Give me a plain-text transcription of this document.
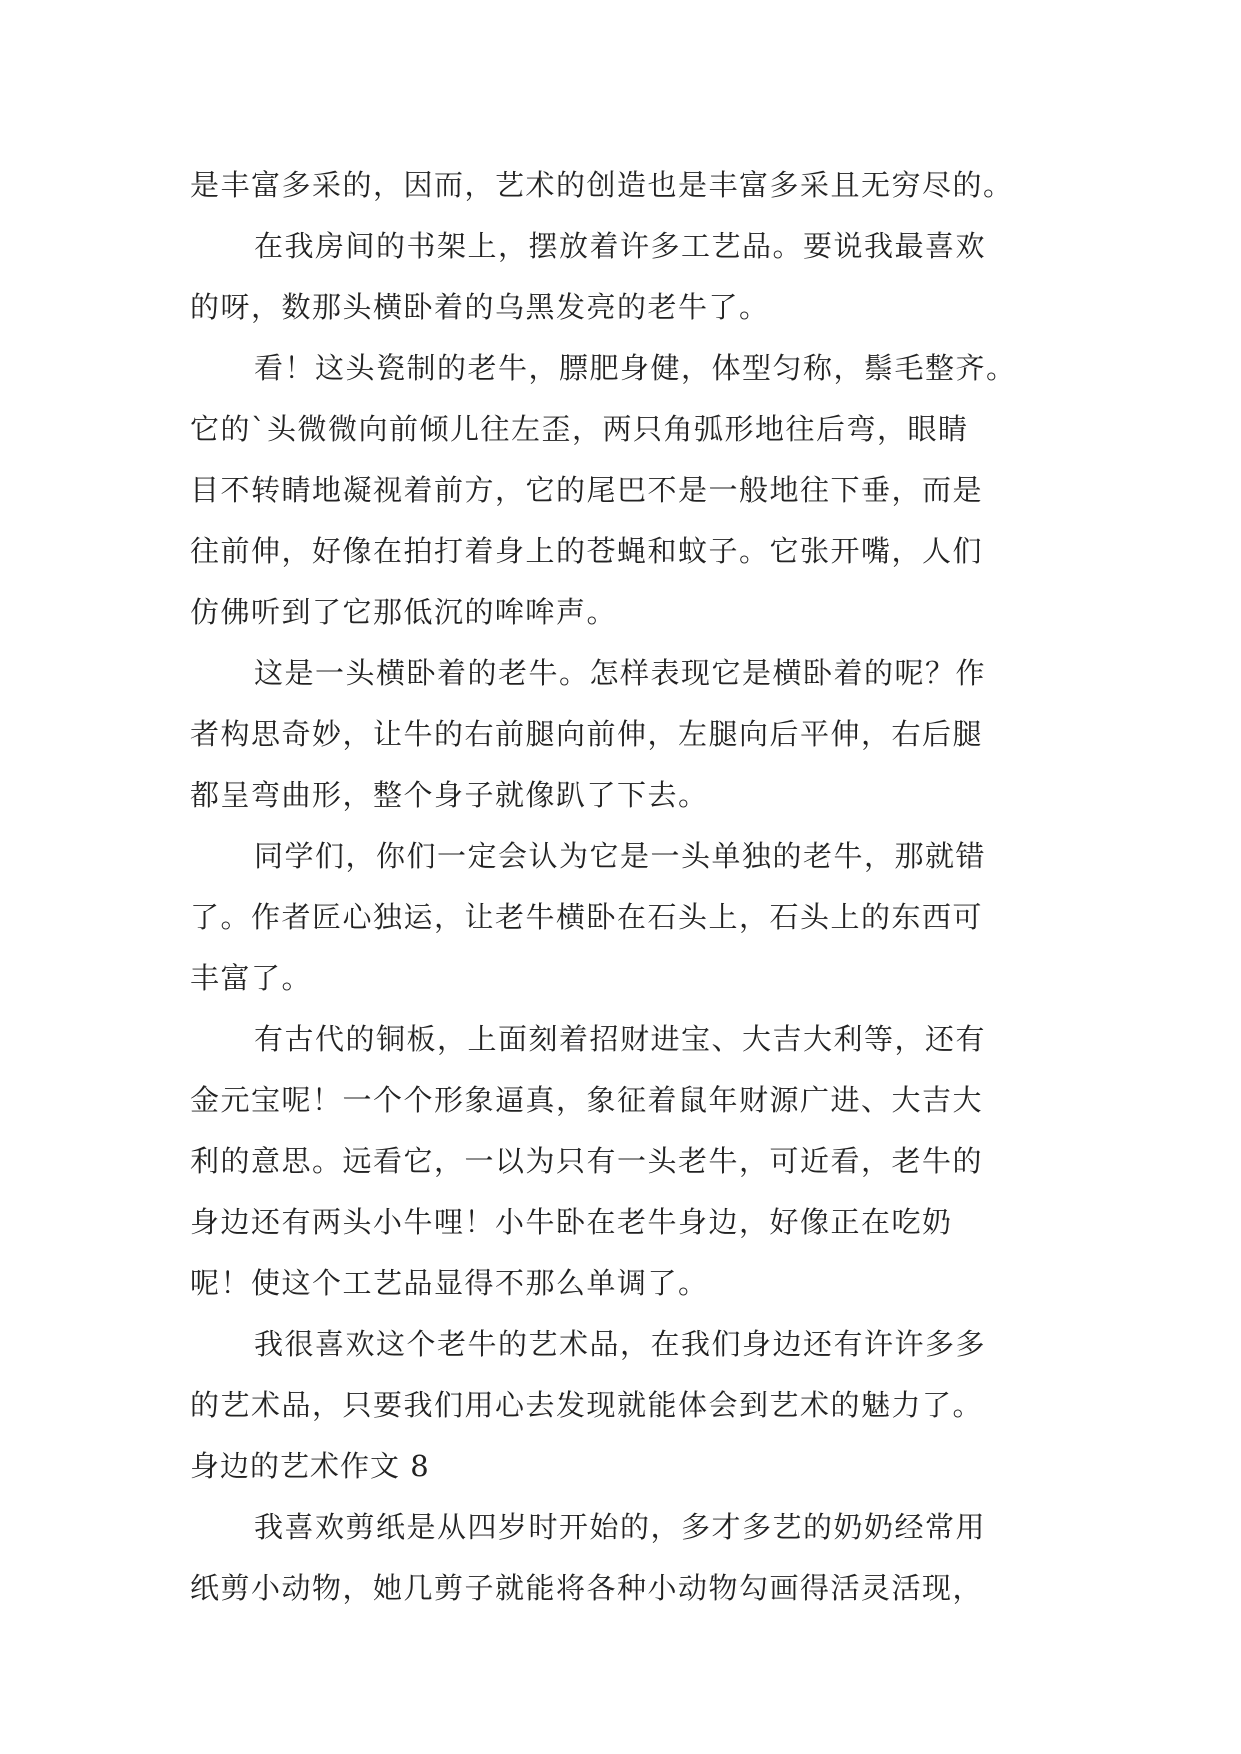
是丰富多采的，因而，艺术的创造也是丰富多采且无穷尽的。
在我房间的书架上，摆放着许多工艺品。要说我最喜欢
的呀，数那头横卧着的乌黑发亮的老牛了。
看！这头瓷制的老牛，膘肥身健，体型匀称，鬃毛整齐。
它的`头微微向前倾儿往左歪，两只角弧形地往后弯，眼睛
目不转睛地凝视着前方，它的尾巴不是一般地往下垂，而是
往前伸，好像在拍打着身上的苍蝇和蚊子。它张开嘴，人们
仿佛听到了它那低沉的哞哞声。
这是一头横卧着的老牛。怎样表现它是横卧着的呢？作
者构思奇妙，让牛的右前腿向前伸，左腿向后平伸，右后腿
都呈弯曲形，整个身子就像趴了下去。
同学们，你们一定会认为它是一头单独的老牛，那就错
了。作者匠心独运，让老牛横卧在石头上，石头上的东西可
丰富了。
有古代的铜板，上面刻着招财进宝、大吉大利等，还有
金元宝呢！一个个形象逼真，象征着鼠年财源广进、大吉大
利的意思。远看它，一以为只有一头老牛，可近看，老牛的
身边还有两头小牛哩！小牛卧在老牛身边，好像正在吃奶
呢！使这个工艺品显得不那么单调了。
我很喜欢这个老牛的艺术品，在我们身边还有许许多多
的艺术品，只要我们用心去发现就能体会到艺术的魅力了。
身边的艺术作文 8
我喜欢剪纸是从四岁时开始的，多才多艺的奶奶经常用
纸剪小动物，她几剪子就能将各种小动物勾画得活灵活现，
